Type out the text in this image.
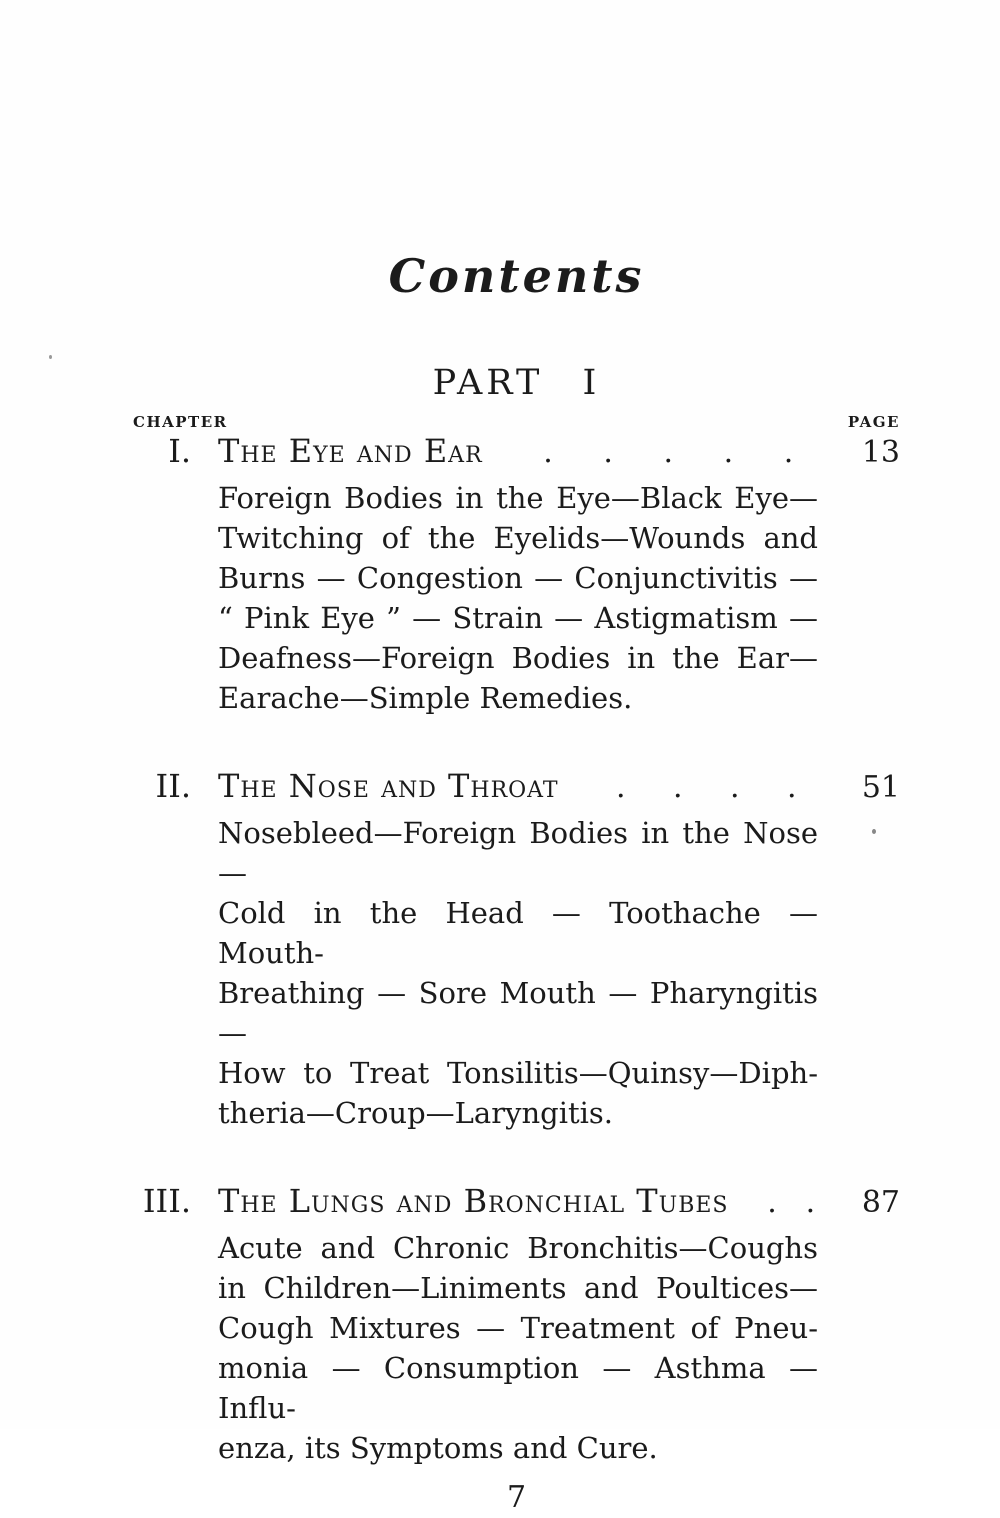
Contents
PART I
CHAPTER	PAGE
I. The Eye and Ear . . . . . 13
Foreign Bodies in the Eye—Black Eye—
Twitching of the Eyelids—Wounds and
Burns — Congestion — Conjunctivitis —
“ Pink Eye ” — Strain — Astigmatism —
Deafness—Foreign Bodies in the Ear—
Earache—Simple Remedies.
II. The Nose and Throat . . . . 51
Nosebleed—Foreign Bodies in the Nose—
Cold in the Head — Toothache — Mouth-
Breathing — Sore Mouth — Pharyngitis —
How to Treat Tonsilitis—Quinsy—Diph-
theria—Croup—Laryngitis.
III. The Lungs and Bronchial Tubes . . 87
Acute and Chronic Bronchitis—Coughs
in Children—Liniments and Poultices—
Cough Mixtures — Treatment of Pneu-
monia — Consumption — Asthma — Influ-
enza, its Symptoms and Cure.
7
